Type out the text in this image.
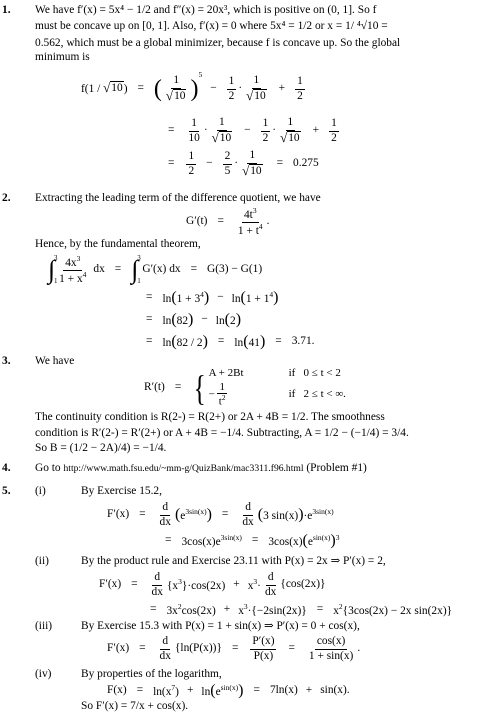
1. We have f′(x) = 5x⁴ − 1/2 and f″(x) = 20x³, which is positive on (0, 1]. So f
must be concave up on [0, 1]. Also, f′(x) = 0 where 5x⁴ = 1/2 or x = 1/ ⁴√10 =
0.562, which must be a global minimizer, because f is concave up. So the global
minimum is
f(1 / √ 10 ) = ( $\frac{1}{√ 10}$ )
$^5$
− $\frac{1}{2} \cdot \frac{1}{√ 10} + \frac{1}{2}$
= $\frac{1}{10} \cdot \frac{1}{√ 10} - \frac{1}{2} \cdot \frac{1}{√ 10} + \frac{1}{2}$
= $\frac{1}{2} - \frac{2}{5} \cdot \frac{1}{√ 10} = 0.275$
2. Extracting the leading term of the difference quotient, we have
$G'(t) = \frac{4t^3}{1 + t^4}$ .
Hence, by the fundamental theorem,
∫
3
$1 \frac{4x^3}{1 + x^4}$ dx = ∫
3
1
G′(x) dx = G(3) − G(1)
= $\ln(1 + 3^4) - \ln(1 + 1^4)$
= ln(82) − ln(2)
= ln(82 / 2) = ln(41) = 3.71.
3. We have
R′(t) = { A + 2Bt	if   0 ≤ t < 2
− $\frac{1}{t^2}$	if   2 ≤ t < ∞.
The continuity condition is R(2-) = R(2+) or 2A + 4B = 1/2. The smoothness
condition is R′(2-) = R′(2+) or A + 4B = −1/4. Subtracting, A = 1/2 − (−1/4) = 3/4.
So B = (1/2 − 2A)/4) = −1/4.
4. Go to http://www.math.fsu.edu/~mm-g/QuizBank/mac3311.f96.html (Problem #1)
5. (i)	By Exercise 15.2,
$F'(x) = \frac{d}{dx} (e^{3sin(x)}) = \frac{d}{dx} (3$ $\sin(x))\cdot e^{3sin(x)}$
= $3\cos(x)e^{3sin(x)} = 3\cos(x)(e^{sin(x)})^3$
(ii)	By the product rule and Exercise 23.11 with P(x) = 2x ⇒ P′(x) = 2,
$F'(x) = \frac{d}{dx} \{x^3\}\cdot\cos(2x) + x^3\cdot \frac{d}{dx} \{\cos(2x)\}$
= $3x^2\cos(2x) + x^3\cdot\{-2\sin(2x)\} = x^2\{3\cos(2x) - 2x$ sin(2x)}
(iii)	By Exercise 15.3 with P(x) = 1 + sin(x) ⇒ P′(x) = 0 + cos(x),
$F'(x) = \frac{d}{dx} \{\ln(P(x))\} = \frac{P'(x)}{P(x)} = \frac{\cos(x)}{1 + \sin(x)}$ .
(iv)	By properties of the logarithm,
$F(x) = \ln(x^7) + \ln(e^{sin(x)}) = 7\ln(x) + \sin(x)$.
So F′(x) = 7/x + cos(x).
